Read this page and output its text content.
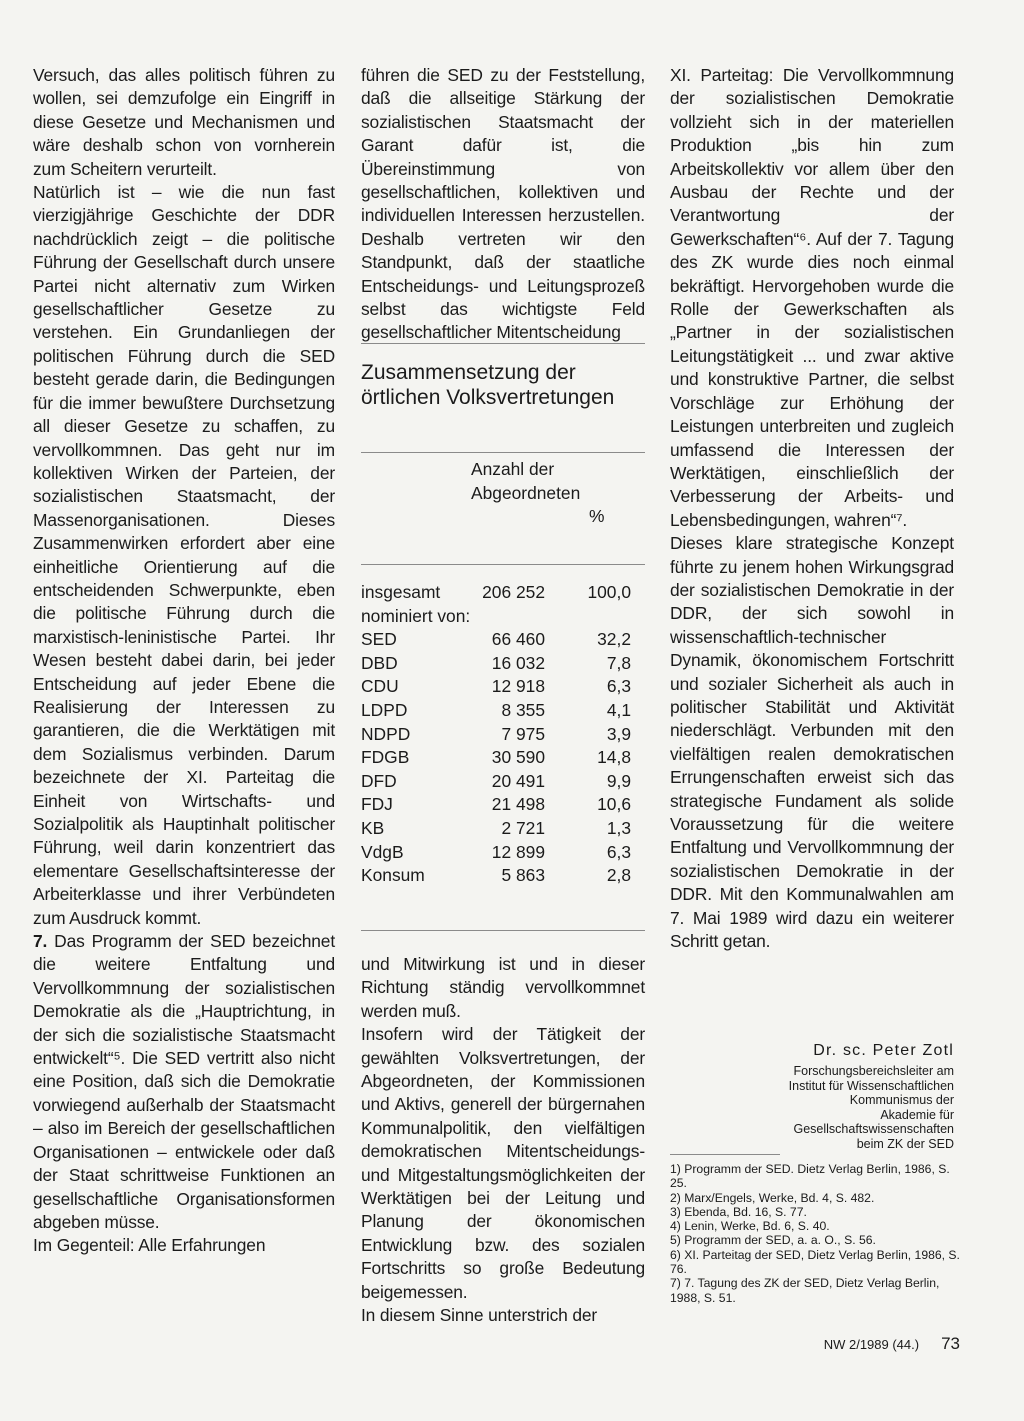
Versuch, das alles politisch führen zu wollen, sei demzufolge ein Eingriff in diese Gesetze und Mechanismen und wäre deshalb schon von vornherein zum Scheitern verurteilt.

Natürlich ist – wie die nun fast vierzigjährige Geschichte der DDR nachdrücklich zeigt – die politische Führung der Gesellschaft durch unsere Partei nicht alternativ zum Wirken gesellschaftlicher Gesetze zu verstehen. Ein Grundanliegen der politischen Führung durch die SED besteht gerade darin, die Bedingungen für die immer bewußtere Durchsetzung all dieser Gesetze zu schaffen, zu vervollkommnen. Das geht nur im kollektiven Wirken der Parteien, der sozialistischen Staatsmacht, der Massenorganisationen. Dieses Zusammenwirken erfordert aber eine einheitliche Orientierung auf die entscheidenden Schwerpunkte, eben die politische Führung durch die marxistisch-leninistische Partei. Ihr Wesen besteht dabei darin, bei jeder Entscheidung auf jeder Ebene die Realisierung der Interessen zu garantieren, die die Werktätigen mit dem Sozialismus verbinden. Darum bezeichnete der XI. Parteitag die Einheit von Wirtschafts- und Sozialpolitik als Hauptinhalt politischer Führung, weil darin konzentriert das elementare Gesellschaftsinteresse der Arbeiterklasse und ihrer Verbündeten zum Ausdruck kommt.

7. Das Programm der SED bezeichnet die weitere Entfaltung und Vervollkommnung der sozialistischen Demokratie als die „Hauptrichtung, in der sich die sozialistische Staatsmacht entwickelt“⁵. Die SED vertritt also nicht eine Position, daß sich die Demokratie vorwiegend außerhalb der Staatsmacht – also im Bereich der gesellschaftlichen Organisationen – entwickele oder daß der Staat schrittweise Funktionen an gesellschaftliche Organisationsformen abgeben müsse.

Im Gegenteil: Alle Erfahrungen

führen die SED zu der Feststellung, daß die allseitige Stärkung der sozialistischen Staatsmacht der Garant dafür ist, die Übereinstimmung von gesellschaftlichen, kollektiven und individuellen Interessen herzustellen. Deshalb vertreten wir den Standpunkt, daß der staatliche Entscheidungs- und Leitungsprozeß selbst das wichtigste Feld gesellschaftlicher Mitentscheidung

Zusammensetzung der örtlichen Volksvertretungen
Anzahl der Abgeordneten
%
insgesamt	206 252	100,0
nominiert von:
SED	66 460	32,2
DBD	16 032	7,8
CDU	12 918	6,3
LDPD	8 355	4,1
NDPD	7 975	3,9
FDGB	30 590	14,8
DFD	20 491	9,9
FDJ	21 498	10,6
KB	2 721	1,3
VdgB	12 899	6,3
Konsum	5 863	2,8

und Mitwirkung ist und in dieser Richtung ständig vervollkommnet werden muß.

Insofern wird der Tätigkeit der gewählten Volksvertretungen, der Abgeordneten, der Kommissionen und Aktivs, generell der bürgernahen Kommunalpolitik, den vielfältigen demokratischen Mitentscheidungs- und Mitgestaltungsmöglichkeiten der Werktätigen bei der Leitung und Planung der ökonomischen Entwicklung bzw. des sozialen Fortschritts so große Bedeutung beigemessen.

In diesem Sinne unterstrich der

XI. Parteitag: Die Vervollkommnung der sozialistischen Demokratie vollzieht sich in der materiellen Produktion „bis hin zum Arbeitskollektiv vor allem über den Ausbau der Rechte und der Verantwortung der Gewerkschaften“⁶. Auf der 7. Tagung des ZK wurde dies noch einmal bekräftigt. Hervorgehoben wurde die Rolle der Gewerkschaften als „Partner in der sozialistischen Leitungstätigkeit ... und zwar aktive und konstruktive Partner, die selbst Vorschläge zur Erhöhung der Leistungen unterbreiten und zugleich umfassend die Interessen der Werktätigen, einschließlich der Verbesserung der Arbeits- und Lebensbedingungen, wahren“⁷.

Dieses klare strategische Konzept führte zu jenem hohen Wirkungsgrad der sozialistischen Demokratie in der DDR, der sich sowohl in wissenschaftlich-technischer Dynamik, ökonomischem Fortschritt und sozialer Sicherheit als auch in politischer Stabilität und Aktivität niederschlägt. Verbunden mit den vielfältigen realen demokratischen Errungenschaften erweist sich das strategische Fundament als solide Voraussetzung für die weitere Entfaltung und Vervollkommnung der sozialistischen Demokratie in der DDR. Mit den Kommunalwahlen am 7. Mai 1989 wird dazu ein weiterer Schritt getan.

Dr. sc. Peter Zotl
Forschungsbereichsleiter am
Institut für Wissenschaftlichen
Kommunismus der
Akademie für Gesellschaftswissenschaften
beim ZK der SED
1) Programm der SED. Dietz Verlag Berlin, 1986, S. 25.
2) Marx/Engels, Werke, Bd. 4, S. 482.
3) Ebenda, Bd. 16, S. 77.
4) Lenin, Werke, Bd. 6, S. 40.
5) Programm der SED, a. a. O., S. 56.
6) XI. Parteitag der SED, Dietz Verlag Berlin, 1986, S. 76.
7) 7. Tagung des ZK der SED, Dietz Verlag Berlin, 1988, S. 51.
NW 2/1989 (44.) 73
